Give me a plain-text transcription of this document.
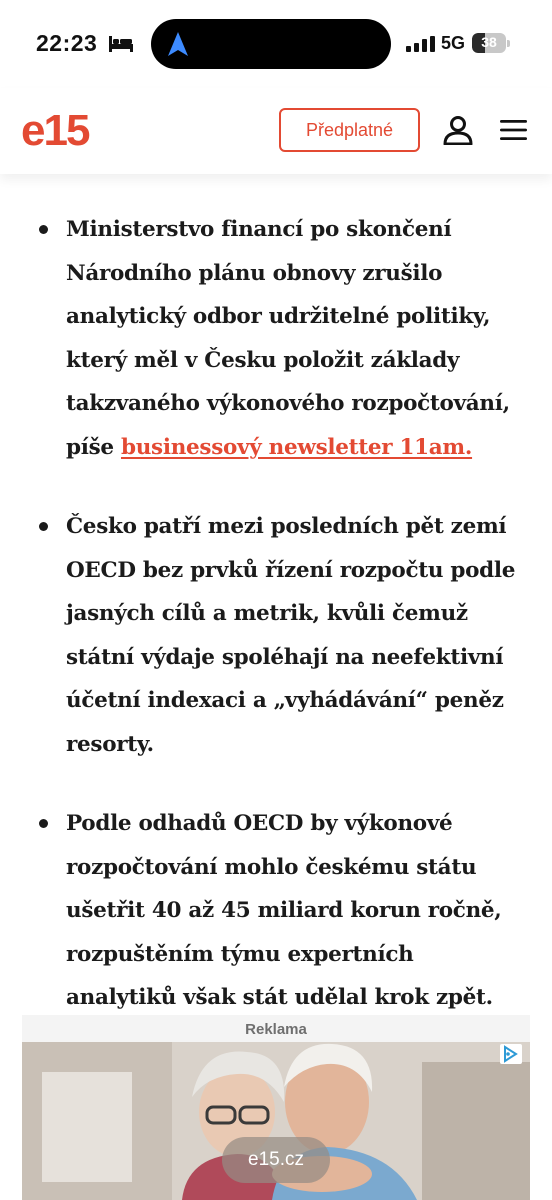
22:23	5G	38
e15	Předplatné
Ministerstvo financí po skončení Národního plánu obnovy zrušilo analytický odbor udržitelné politiky, který měl v Česku položit základy takzvaného výkonového rozpočtování, píše businessový newsletter 11am.
Česko patří mezi posledních pět zemí OECD bez prvků řízení rozpočtu podle jasných cílů a metrik, kvůli čemuž státní výdaje spoléhají na neefektivní účetní indexaci a „vyhádávání“ peněz resorty.
Podle odhadů OECD by výkonové rozpočtování mohlo českému státu ušetřit 40 až 45 miliard korun ročně, rozpuštěním týmu expertních analytiků však stát udělal krok zpět.
Reklama
e15.cz
